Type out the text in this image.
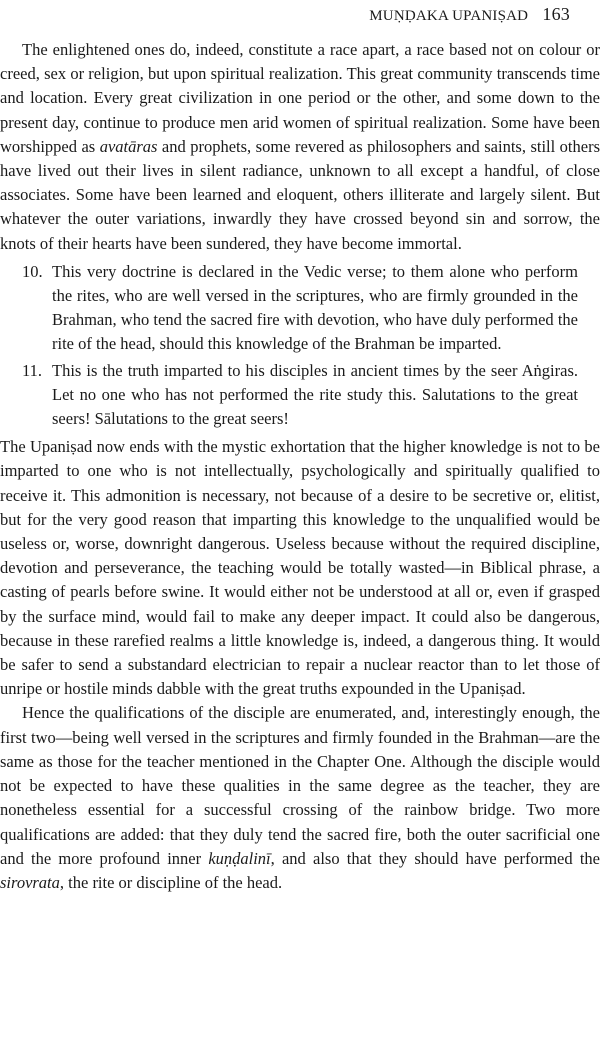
MUṆḌAKA UPANIṢAD 163

The enlightened ones do, indeed, constitute a race apart, a race based not on colour or creed, sex or religion, but upon spiritual realization. This great community transcends time and location. Every great civilization in one period or the other, and some down to the present day, continue to produce men arid women of spiritual realization. Some have been worshipped as avatāras and prophets, some revered as philosophers and saints, still others have lived out their lives in silent radiance, unknown to all except a handful, of close associates. Some have been learned and eloquent, others illiterate and largely silent. But whatever the outer variations, inwardly they have crossed beyond sin and sorrow, the knots of their hearts have been sundered, they have become immortal.

10. This very doctrine is declared in the Vedic verse; to them alone who perform the rites, who are well versed in the scriptures, who are firmly grounded in the Brahman, who tend the sacred fire with devotion, who have duly performed the rite of the head, should this knowledge of the Brahman be imparted.
11. This is the truth imparted to his disciples in ancient times by the seer Aṅgiras. Let no one who has not performed the rite study this. Salutations to the great seers! Sālutations to the great seers!

The Upaniṣad now ends with the mystic exhortation that the higher knowledge is not to be imparted to one who is not intellectually, psychologically and spiritually qualified to receive it. This admonition is necessary, not because of a desire to be secretive or, elitist, but for the very good reason that imparting this knowledge to the unqualified would be useless or, worse, downright dangerous. Useless because without the required discipline, devotion and perseverance, the teaching would be totally wasted—in Biblical phrase, a casting of pearls before swine. It would either not be understood at all or, even if grasped by the surface mind, would fail to make any deeper impact. It could also be dangerous, because in these rarefied realms a little knowledge is, indeed, a dangerous thing. It would be safer to send a substandard electrician to repair a nuclear reactor than to let those of unripe or hostile minds dabble with the great truths expounded in the Upaniṣad.

Hence the qualifications of the disciple are enumerated, and, interestingly enough, the first two—being well versed in the scriptures and firmly founded in the Brahman—are the same as those for the teacher mentioned in the Chapter One. Although the disciple would not be expected to have these qualities in the same degree as the teacher, they are nonetheless essential for a successful crossing of the rainbow bridge. Two more qualifications are added: that they duly tend the sacred fire, both the outer sacrificial one and the more profound inner kuṇḍalinī, and also that they should have performed the sirovrata, the rite or discipline of the head.
